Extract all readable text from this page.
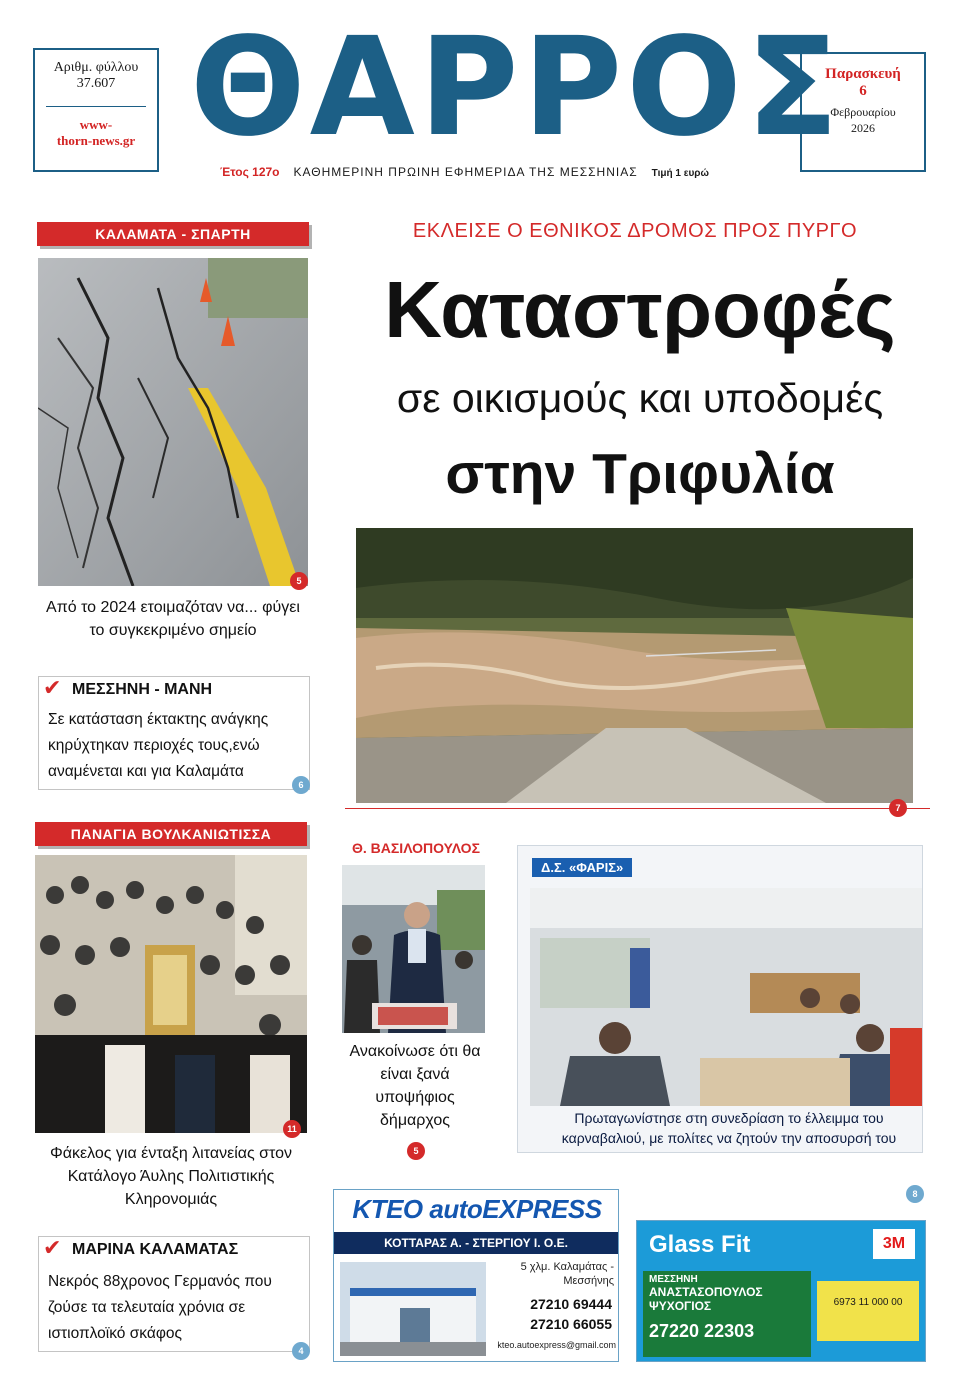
Αριθμ. φύλλου
37.607
www-
thorn-news.gr ΘΑΡΡΟΣ
Παρασκευή
6
Φεβρουαρίου
2026
Έτος 127ο ΚΑΘΗΜΕΡΙΝΗ ΠΡΩΙΝΗ ΕΦΗΜΕΡΙΔΑ ΤΗΣ ΜΕΣΣΗΝΙΑΣ Τιμή 1 ευρώ
ΚΑΛΑΜΑΤΑ - ΣΠΑΡΤΗ
5
Από το 2024 ετοιμαζόταν να... φύγει το συγκεκριμένο σημείο
✔ ΜΕΣΣΗΝΗ - ΜΑΝΗ
Σε κατάσταση έκτακτης ανάγκης κηρύχτηκαν περιοχές τους,ενώ αναμένεται και για Καλαμάτα
6
ΠΑΝΑΓΙΑ ΒΟΥΛΚΑΝΙΩΤΙΣΣΑ
11
Φάκελος για ένταξη λιτανείας στον Κατάλογο Άυλης Πολιτιστικής Κληρονομιάς
✔ ΜΑΡΙΝΑ ΚΑΛΑΜΑΤΑΣ
Νεκρός 88χρονος Γερμανός που ζούσε τα τελευταία χρόνια σε ιστιοπλοϊκό σκάφος
4
ΕΚΛΕΙΣΕ Ο ΕΘΝΙΚΟΣ ΔΡΟΜΟΣ ΠΡΟΣ ΠΥΡΓΟ
Καταστροφές
σε οικισμούς και υποδομές
στην Τριφυλία
7
Θ. ΒΑΣΙΛΟΠΟΥΛΟΣ
Ανακοίνωσε ότι θα είναι ξανά υποψήφιος δήμαρχος
5
Δ.Σ. «ΦΑΡΙΣ»
Πρωταγωνίστησε στη συνεδρίαση το έλλειμμα του καρναβαλιού, με πολίτες να ζητούν την αποσυρσή του
8
ΚΤΕΟ autoEXPRESS
ΚΟΤΤΑΡΑΣ Α. - ΣΤΕΡΓΙΟΥ Ι. Ο.Ε.
5 χλμ. Καλαμάτας - Μεσσήνης
27210 69444
27210 66055
kteo.autoexpress@gmail.com
Glass Fit	3M
ΜΕΣΣΗΝΗ
ΑΝΑΣΤΑΣΟΠΟΥΛΟΣ ΨΥΧΟΓΙΟΣ
27220 22303
6973 11 000 00
